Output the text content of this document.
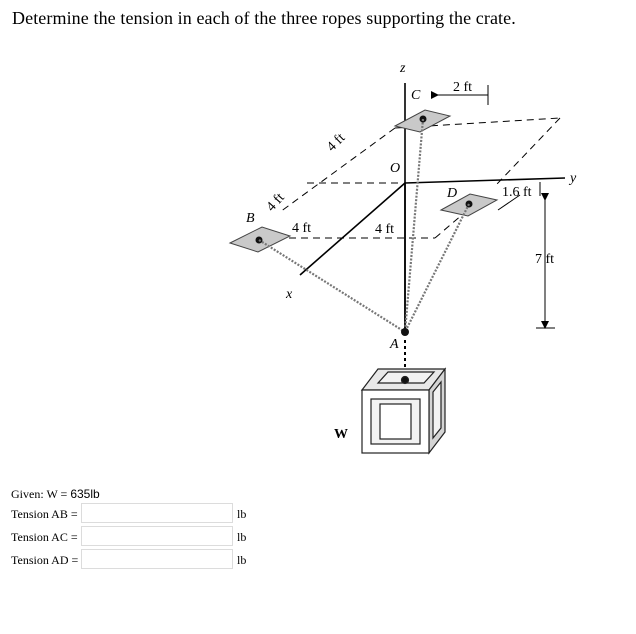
Determine the tension in each of the three ropes supporting the crate.
z
y
x
B
C
D
O
A
W
2 ft
4 ft
4 ft
4 ft	4 ft
1.6 ft
7 ft
Given: W = 635lb
Tension AB =	lb
Tension AC =	lb
Tension AD =	lb
